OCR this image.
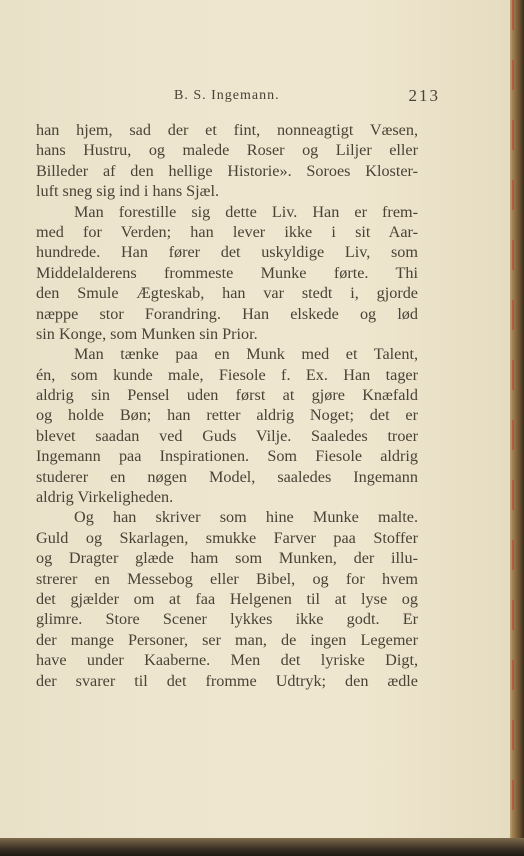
B. S. Ingemann.	213
han hjem, sad der et fint, nonneagtigt Væsen,
hans Hustru, og malede Roser og Liljer eller
Billeder af den hellige Historie». Soroes Kloster-
luft sneg sig ind i hans Sjæl.
Man forestille sig dette Liv. Han er frem-
med for Verden; han lever ikke i sit Aar-
hundrede. Han fører det uskyldige Liv, som
Middelalderens frommeste Munke førte. Thi
den Smule Ægteskab, han var stedt i, gjorde
næppe stor Forandring. Han elskede og lød
sin Konge, som Munken sin Prior.
Man tænke paa en Munk med et Talent,
én, som kunde male, Fiesole f. Ex. Han tager
aldrig sin Pensel uden først at gjøre Knæfald
og holde Bøn; han retter aldrig Noget; det er
blevet saadan ved Guds Vilje. Saaledes troer
Ingemann paa Inspirationen. Som Fiesole aldrig
studerer en nøgen Model, saaledes Ingemann
aldrig Virkeligheden.
Og han skriver som hine Munke malte.
Guld og Skarlagen, smukke Farver paa Stoffer
og Dragter glæde ham som Munken, der illu-
strerer en Messebog eller Bibel, og for hvem
det gjælder om at faa Helgenen til at lyse og
glimre. Store Scener lykkes ikke godt. Er
der mange Personer, ser man, de ingen Legemer
have under Kaaberne. Men det lyriske Digt,
der svarer til det fromme Udtryk; den ædle
